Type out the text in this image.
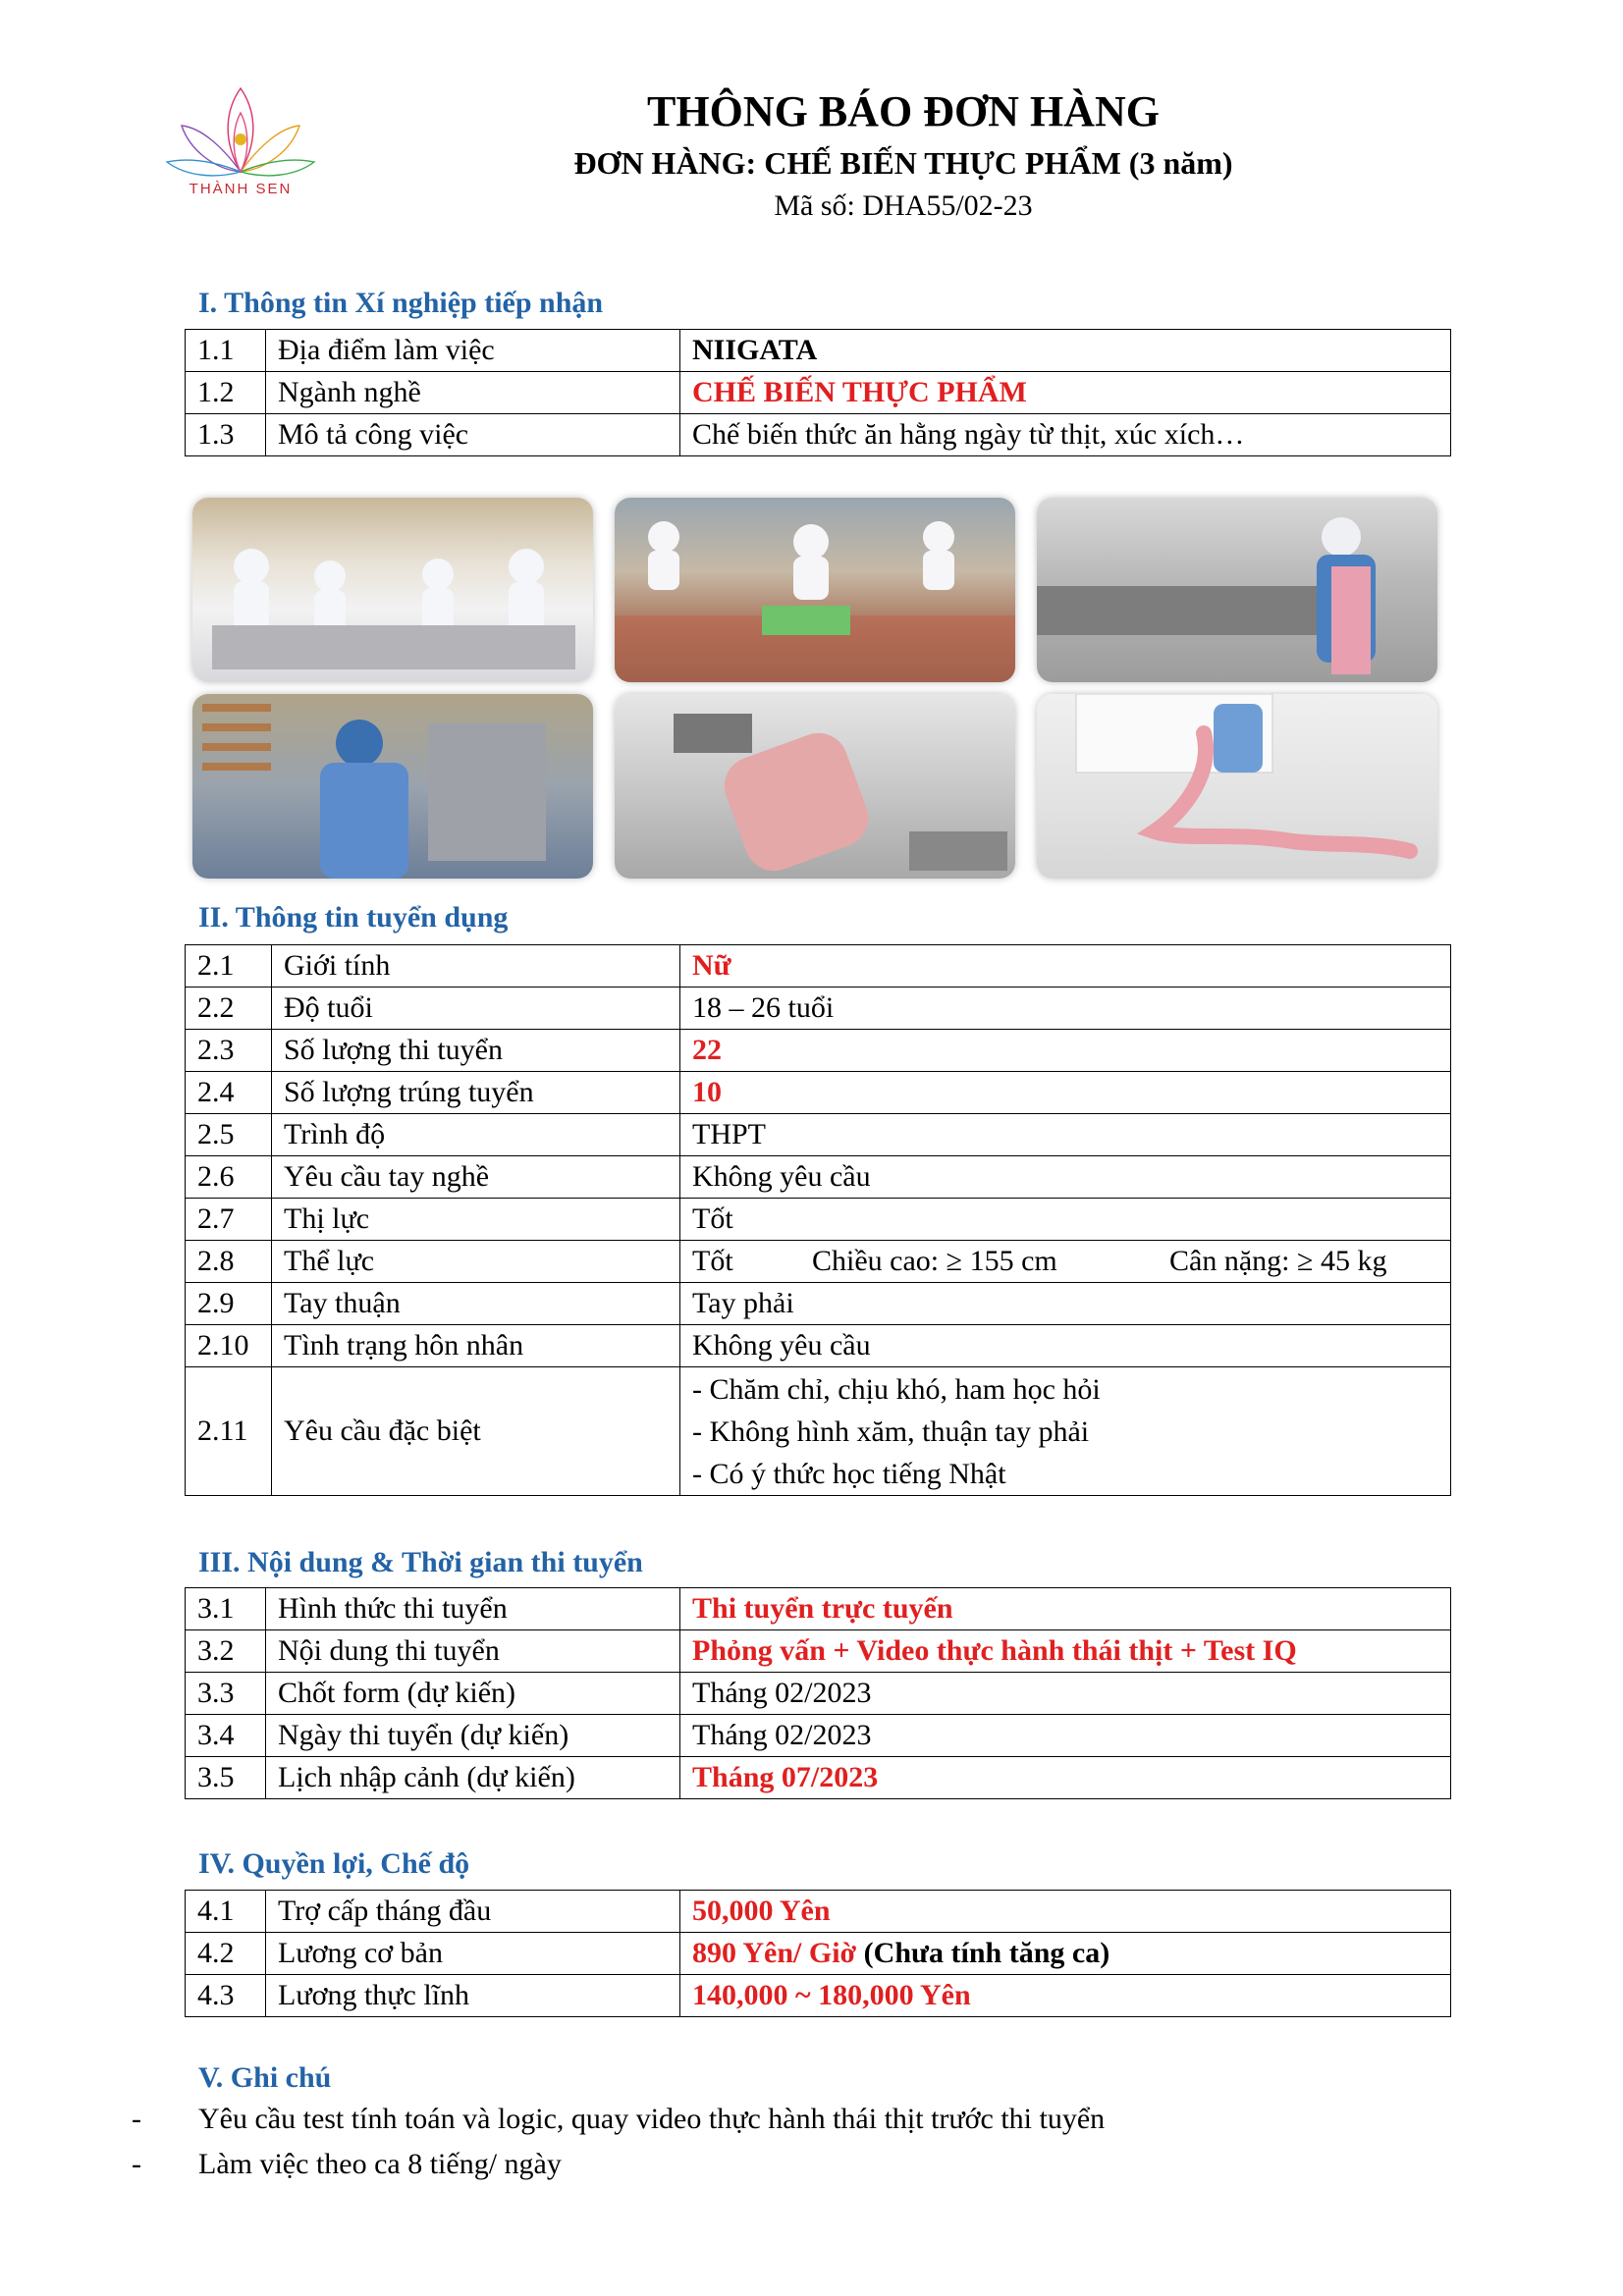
THÀNH SEN
THÔNG BÁO ĐƠN HÀNG
ĐƠN HÀNG: CHẾ BIẾN THỰC PHẨM (3 năm)
Mã số: DHA55/02-23
I. Thông tin Xí nghiệp tiếp nhận
1.1	Địa điểm làm việc	NIIGATA
1.2	Ngành nghề	CHẾ BIẾN THỰC PHẨM
1.3	Mô tả công việc	Chế biến thức ăn hằng ngày từ thịt, xúc xích…
II. Thông tin tuyển dụng
2.1	Giới tính	Nữ
2.2	Độ tuổi	18 – 26 tuổi
2.3	Số lượng thi tuyển	22
2.4	Số lượng trúng tuyển	10
2.5	Trình độ	THPT
2.6	Yêu cầu tay nghề	Không yêu cầu
2.7	Thị lực	Tốt
2.8	Thể lực	Tốt Chiều cao: ≥ 155 cm Cân nặng: ≥ 45 kg

2.9	Tay thuận	Tay phải
2.10	Tình trạng hôn nhân	Không yêu cầu
2.11	Yêu cầu đặc biệt	- Chăm chỉ, chịu khó, ham học hỏi
- Không hình xăm, thuận tay phải
- Có ý thức học tiếng Nhật
III. Nội dung & Thời gian thi tuyển
3.1	Hình thức thi tuyển	Thi tuyển trực tuyến
3.2	Nội dung thi tuyển	Phỏng vấn + Video thực hành thái thịt + Test IQ
3.3	Chốt form (dự kiến)	Tháng 02/2023
3.4	Ngày thi tuyển (dự kiến)	Tháng 02/2023
3.5	Lịch nhập cảnh (dự kiến)	Tháng 07/2023
IV. Quyền lợi, Chế độ
4.1	Trợ cấp tháng đầu	50,000 Yên
4.2	Lương cơ bản	890 Yên/ Giờ (Chưa tính tăng ca)
4.3	Lương thực lĩnh	140,000 ~ 180,000 Yên
V. Ghi chú
- Yêu cầu test tính toán và logic, quay video thực hành thái thịt trước thi tuyển
- Làm việc theo ca 8 tiếng/ ngày
